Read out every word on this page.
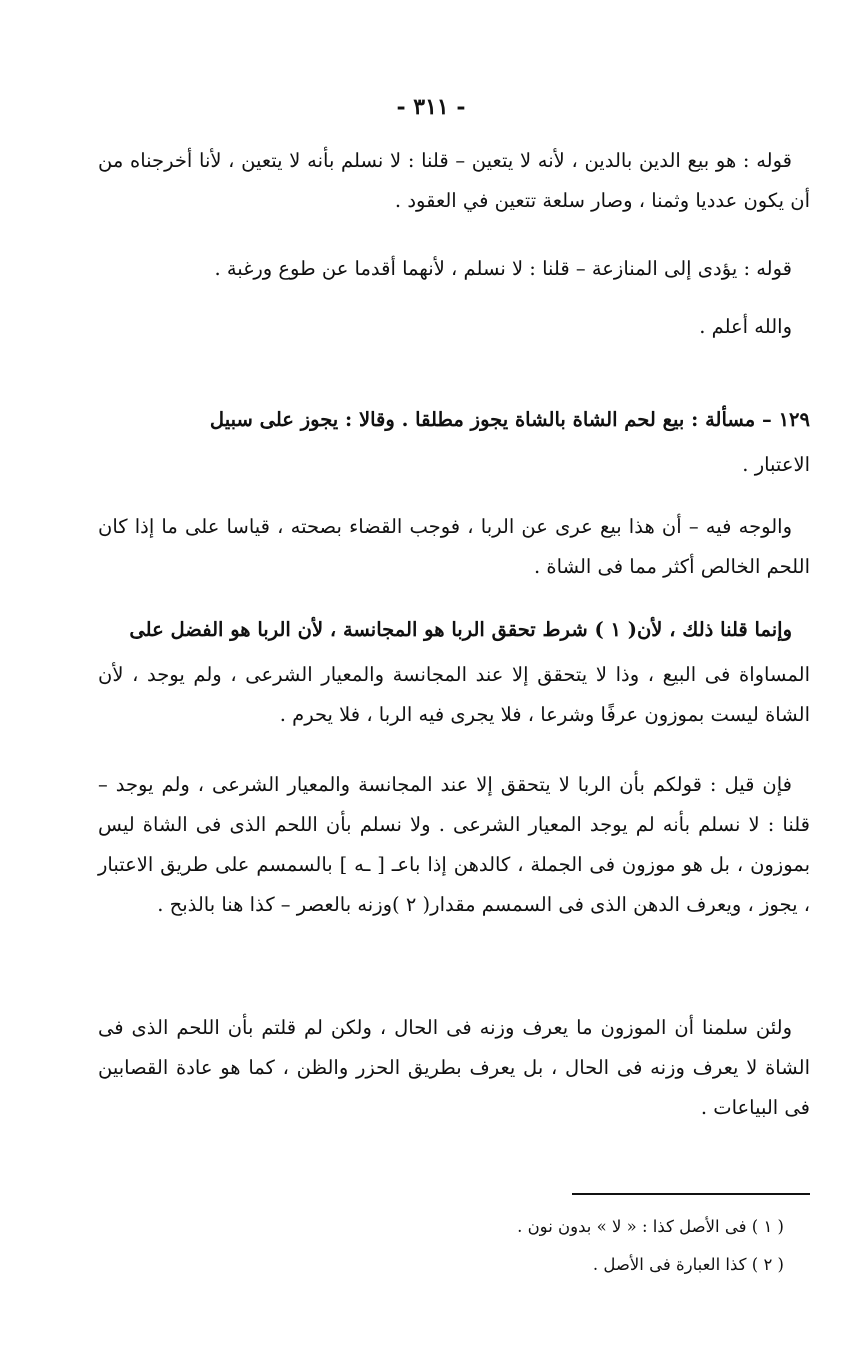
- ٣١١ -

قوله : هو بيع الدين بالدين ، لأنه لا يتعين – قلنا : لا نسلم بأنه لا يتعين ، لأنا أخرجناه من أن يكون عدديا وثمنا ، وصار سلعة تتعين في العقود .

قوله : يؤدى إلى المنازعة – قلنا : لا نسلم ، لأنهما أقدما عن طوع ورغبة .

والله أعلم .

١٢٩ – مسألة : بيع لحم الشاة بالشاة يجوز مطلقا . وقالا : يجوز على سبيل

الاعتبار .

والوجه فيه – أن هذا بيع عرى عن الربا ، فوجب القضاء بصحته ، قياسا على ما إذا كان اللحم الخالص أكثر مما فى الشاة .

وإنما قلنا ذلك ، لأن( ١ ) شرط تحقق الربا هو المجانسة ، لأن الربا هو الفضل على

المساواة فى البيع ، وذا لا يتحقق إلا عند المجانسة والمعيار الشرعى ، ولم يوجد ، لأن الشاة ليست بموزون عرفًا وشرعا ، فلا يجرى فيه الربا ، فلا يحرم .

فإن قيل : قولكم بأن الربا لا يتحقق إلا عند المجانسة والمعيار الشرعى ، ولم يوجد – قلنا : لا نسلم بأنه لم يوجد المعيار الشرعى . ولا نسلم بأن اللحم الذى فى الشاة ليس بموزون ، بل هو موزون فى الجملة ، كالدهن إذا باعـ [ ـه ] بالسمسم على طريق الاعتبار ، يجوز ، ويعرف الدهن الذى فى السمسم مقدار( ٢ )وزنه بالعصر – كذا هنا بالذبح .

ولئن سلمنا أن الموزون ما يعرف وزنه فى الحال ، ولكن لم قلتم بأن اللحم الذى فى الشاة لا يعرف وزنه فى الحال ، بل يعرف بطريق الحزر والظن ، كما هو عادة القصابين فى البياعات .

( ١ ) فى الأصل كذا : « لا » بدون نون .

( ٢ ) كذا العبارة فى الأصل .
